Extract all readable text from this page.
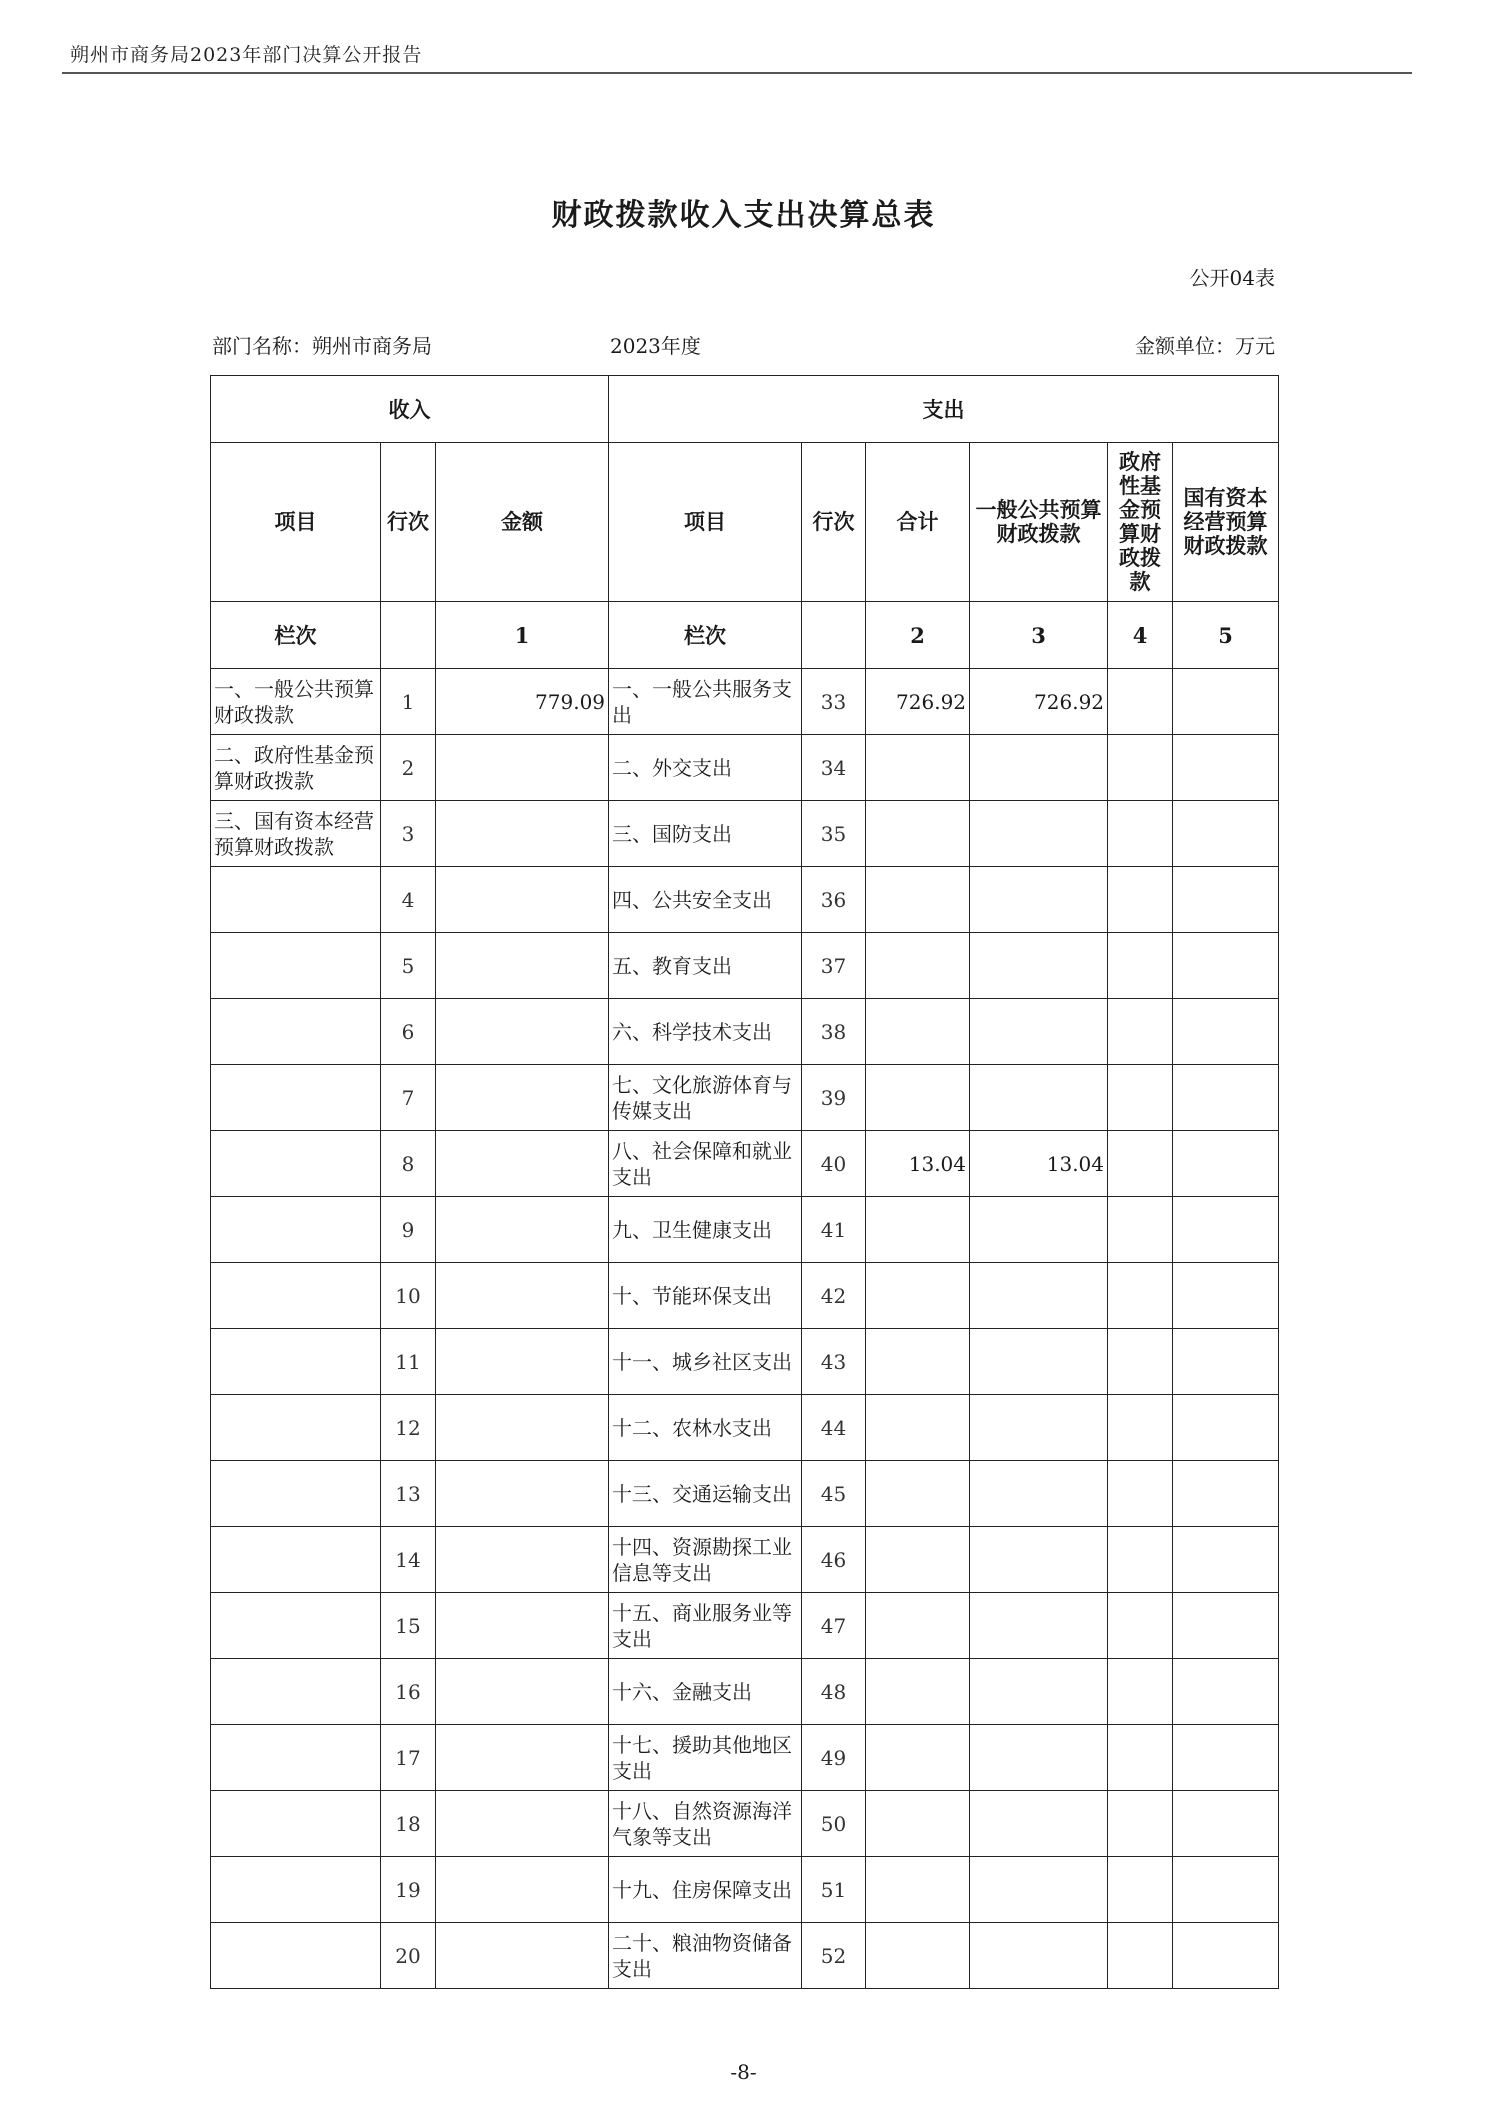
朔州市商务局2023年部门决算公开报告
财政拨款收入支出决算总表
公开04表
部门名称：朔州市商务局	2023年度	金额单位：万元
收入			支出					
项目	行次	金额	项目	行次	合计	一般公共预算财政拨款	政府性基金预算财政拨款	国有资本经营预算财政拨款
栏次		1	栏次		2	3	4	5
一、一般公共预算财政拨款	1	779.09	一、一般公共服务支出	33	726.92	726.92		
二、政府性基金预算财政拨款	2		二、外交支出	34				
三、国有资本经营预算财政拨款	3		三、国防支出	35				
	4		四、公共安全支出	36				
	5		五、教育支出	37				
	6		六、科学技术支出	38				
	7		七、文化旅游体育与传媒支出	39				
	8		八、社会保障和就业支出	40	13.04	13.04		
	9		九、卫生健康支出	41				
	10		十、节能环保支出	42				
	11		十一、城乡社区支出	43				
	12		十二、农林水支出	44				
	13		十三、交通运输支出	45				
	14		十四、资源勘探工业信息等支出	46				
	15		十五、商业服务业等支出	47				
	16		十六、金融支出	48				
	17		十七、援助其他地区支出	49				
	18		十八、自然资源海洋气象等支出	50				
	19		十九、住房保障支出	51				
	20		二十、粮油物资储备支出	52				
-8-
